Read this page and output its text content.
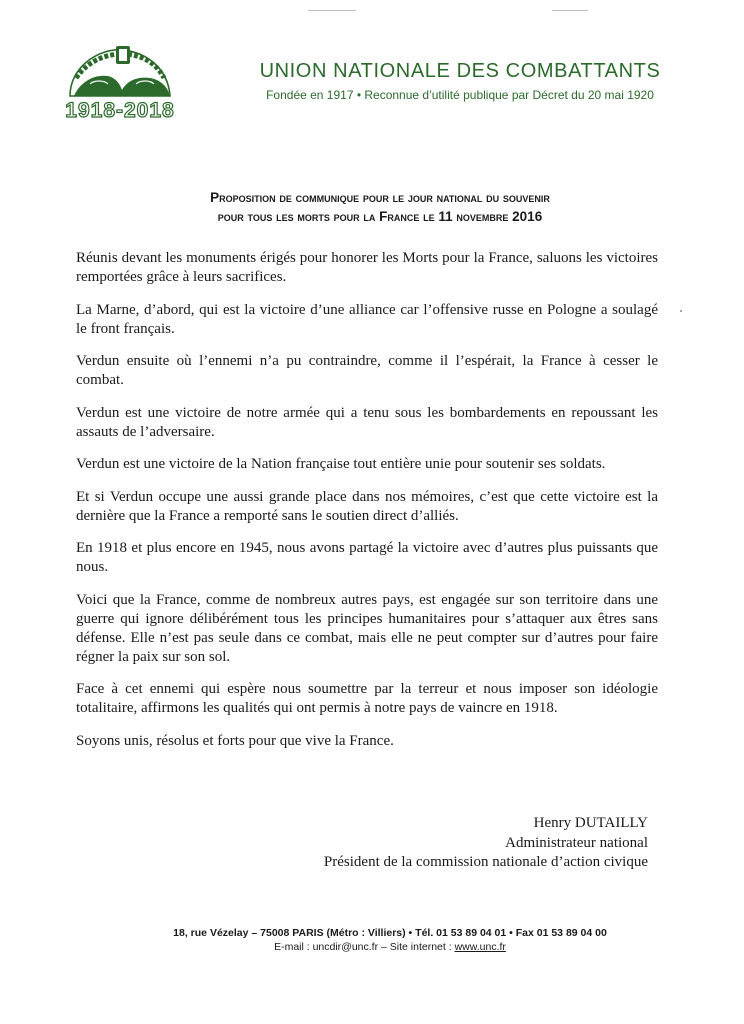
1918-2018
UNION NATIONALE DES COMBATTANTS
Fondée en 1917 • Reconnue d’utilité publique par Décret du 20 mai 1920
Proposition de communique pour le jour national du souvenir
pour tous les morts pour la France le 11 novembre 2016

Réunis devant les monuments érigés pour honorer les Morts pour la France, saluons les victoires remportées grâce à leurs sacrifices.

La Marne, d’abord, qui est la victoire d’une alliance car l’offensive russe en Pologne a soulagé le front français.

Verdun ensuite où l’ennemi n’a pu contraindre, comme il l’espérait, la France à cesser le combat.

Verdun est une victoire de notre armée qui a tenu sous les bombardements en repoussant les assauts de l’adversaire.

Verdun est une victoire de la Nation française tout entière unie pour soutenir ses soldats.

Et si Verdun occupe une aussi grande place dans nos mémoires, c’est que cette victoire est la dernière que la France a remporté sans le soutien direct d’alliés.

En 1918 et plus encore en 1945, nous avons partagé la victoire avec d’autres plus puissants que nous.

Voici que la France, comme de nombreux autres pays, est engagée sur son territoire dans une guerre qui ignore délibérément tous les principes humanitaires pour s’attaquer aux êtres sans défense. Elle n’est pas seule dans ce combat, mais elle ne peut compter sur d’autres pour faire régner la paix sur son sol.

Face à cet ennemi qui espère nous soumettre par la terreur et nous imposer son idéologie totalitaire, affirmons les qualités qui ont permis à notre pays de vaincre en 1918.

Soyons unis, résolus et forts pour que vive la France.

Henry DUTAILLY
Administrateur national
Président de la commission nationale d’action civique
18, rue Vézelay – 75008 PARIS (Métro : Villiers) • Tél. 01 53 89 04 01 • Fax 01 53 89 04 00
E-mail : uncdir@unc.fr – Site internet : www.unc.fr
